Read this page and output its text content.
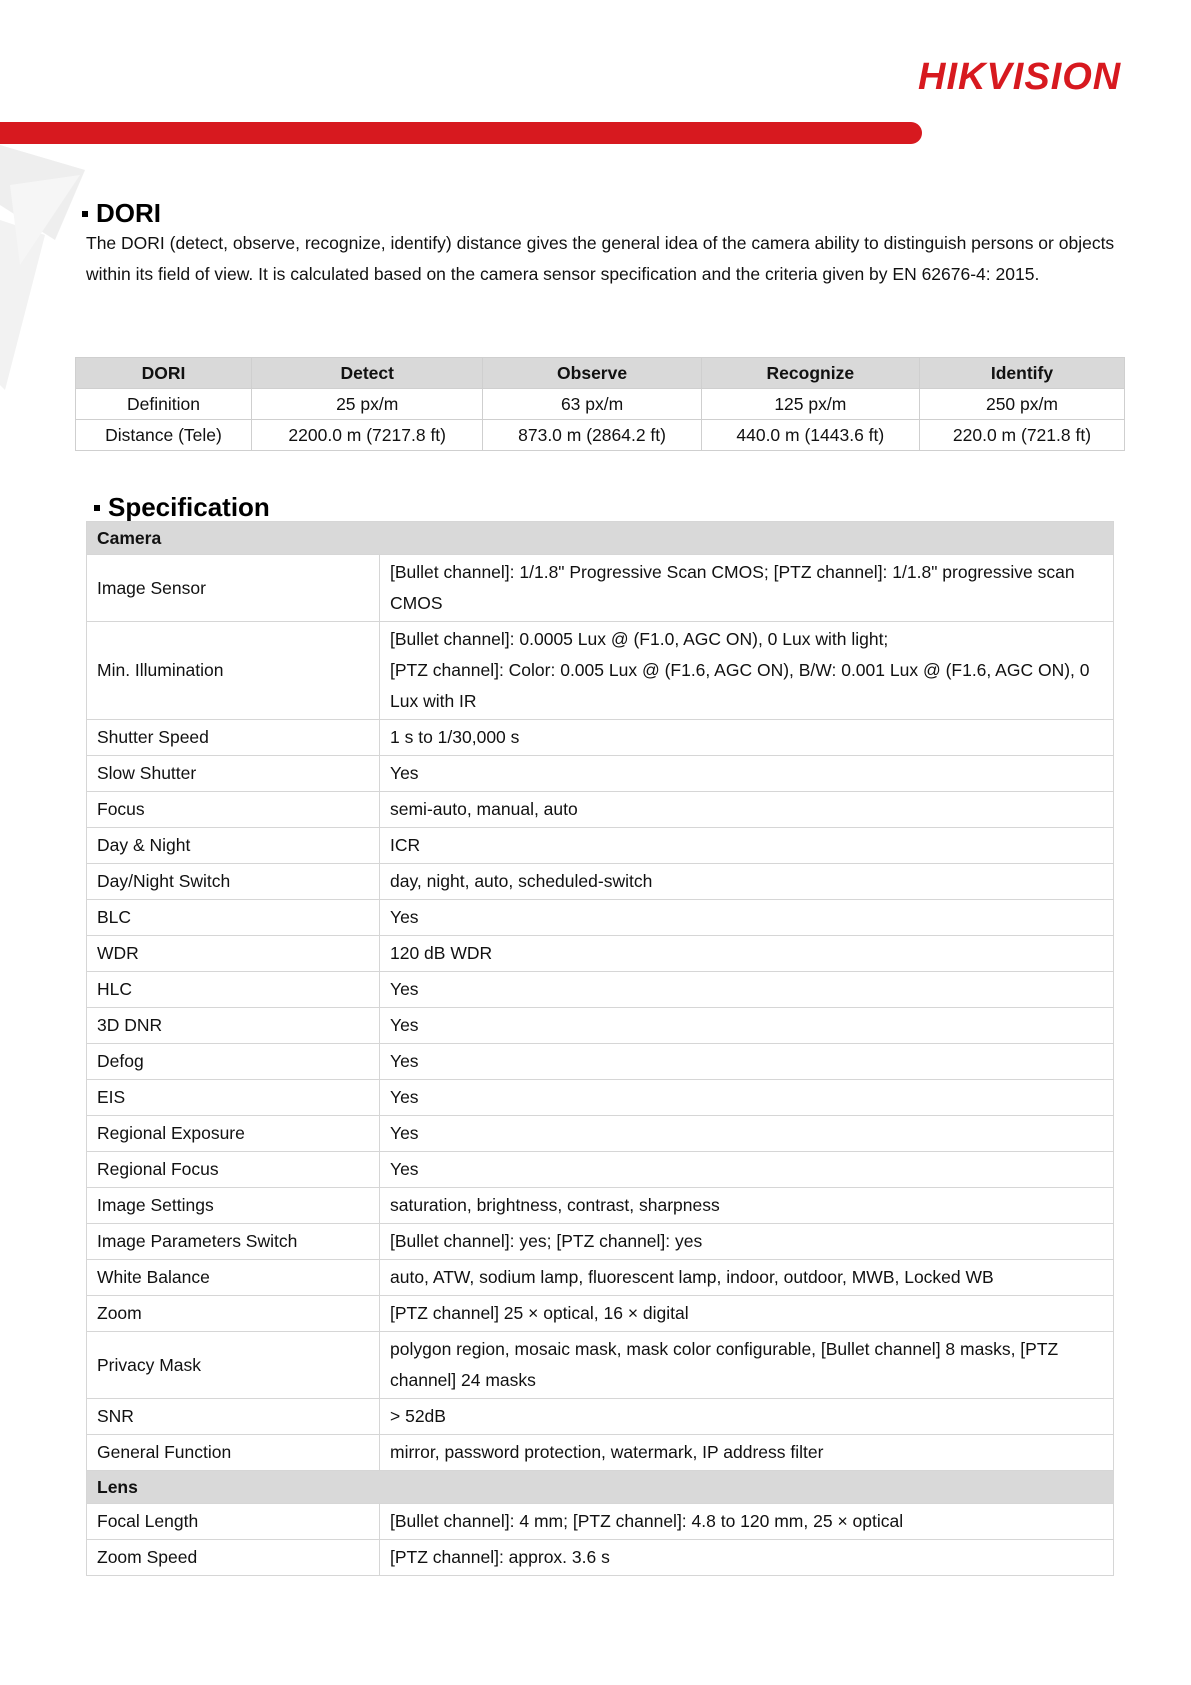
HIKVISION
DORI
The DORI (detect, observe, recognize, identify) distance gives the general idea of the camera ability to distinguish persons or objects within its field of view. It is calculated based on the camera sensor specification and the criteria given by EN 62676-4: 2015.
DORI	Detect	Observe	Recognize	Identify
Definition	25 px/m	63 px/m	125 px/m	250 px/m
Distance (Tele)	2200.0 m (7217.8 ft)	873.0 m (2864.2 ft)	440.0 m (1443.6 ft)	220.0 m (721.8 ft)
Specification
Camera	
Image Sensor	[Bullet channel]: 1/1.8" Progressive Scan CMOS; [PTZ channel]: 1/1.8" progressive scan CMOS
Min. Illumination	[Bullet channel]: 0.0005 Lux @ (F1.0, AGC ON), 0 Lux with light;
[PTZ channel]: Color: 0.005 Lux @ (F1.6, AGC ON), B/W: 0.001 Lux @ (F1.6, AGC ON), 0 Lux with IR
Shutter Speed	1 s to 1/30,000 s
Slow Shutter	Yes
Focus	semi-auto, manual, auto
Day & Night	ICR
Day/Night Switch	day, night, auto, scheduled-switch
BLC	Yes
WDR	120 dB WDR
HLC	Yes
3D DNR	Yes
Defog	Yes
EIS	Yes
Regional Exposure	Yes
Regional Focus	Yes
Image Settings	saturation, brightness, contrast, sharpness
Image Parameters Switch	[Bullet channel]: yes; [PTZ channel]: yes
White Balance	auto, ATW, sodium lamp, fluorescent lamp, indoor, outdoor, MWB, Locked WB
Zoom	[PTZ channel] 25 × optical, 16 × digital
Privacy Mask	polygon region, mosaic mask, mask color configurable, [Bullet channel] 8 masks, [PTZ channel] 24 masks
SNR	> 52dB
General Function	mirror, password protection, watermark, IP address filter
Lens	
Focal Length	[Bullet channel]: 4 mm; [PTZ channel]: 4.8 to 120 mm, 25 × optical
Zoom Speed	[PTZ channel]: approx. 3.6 s
